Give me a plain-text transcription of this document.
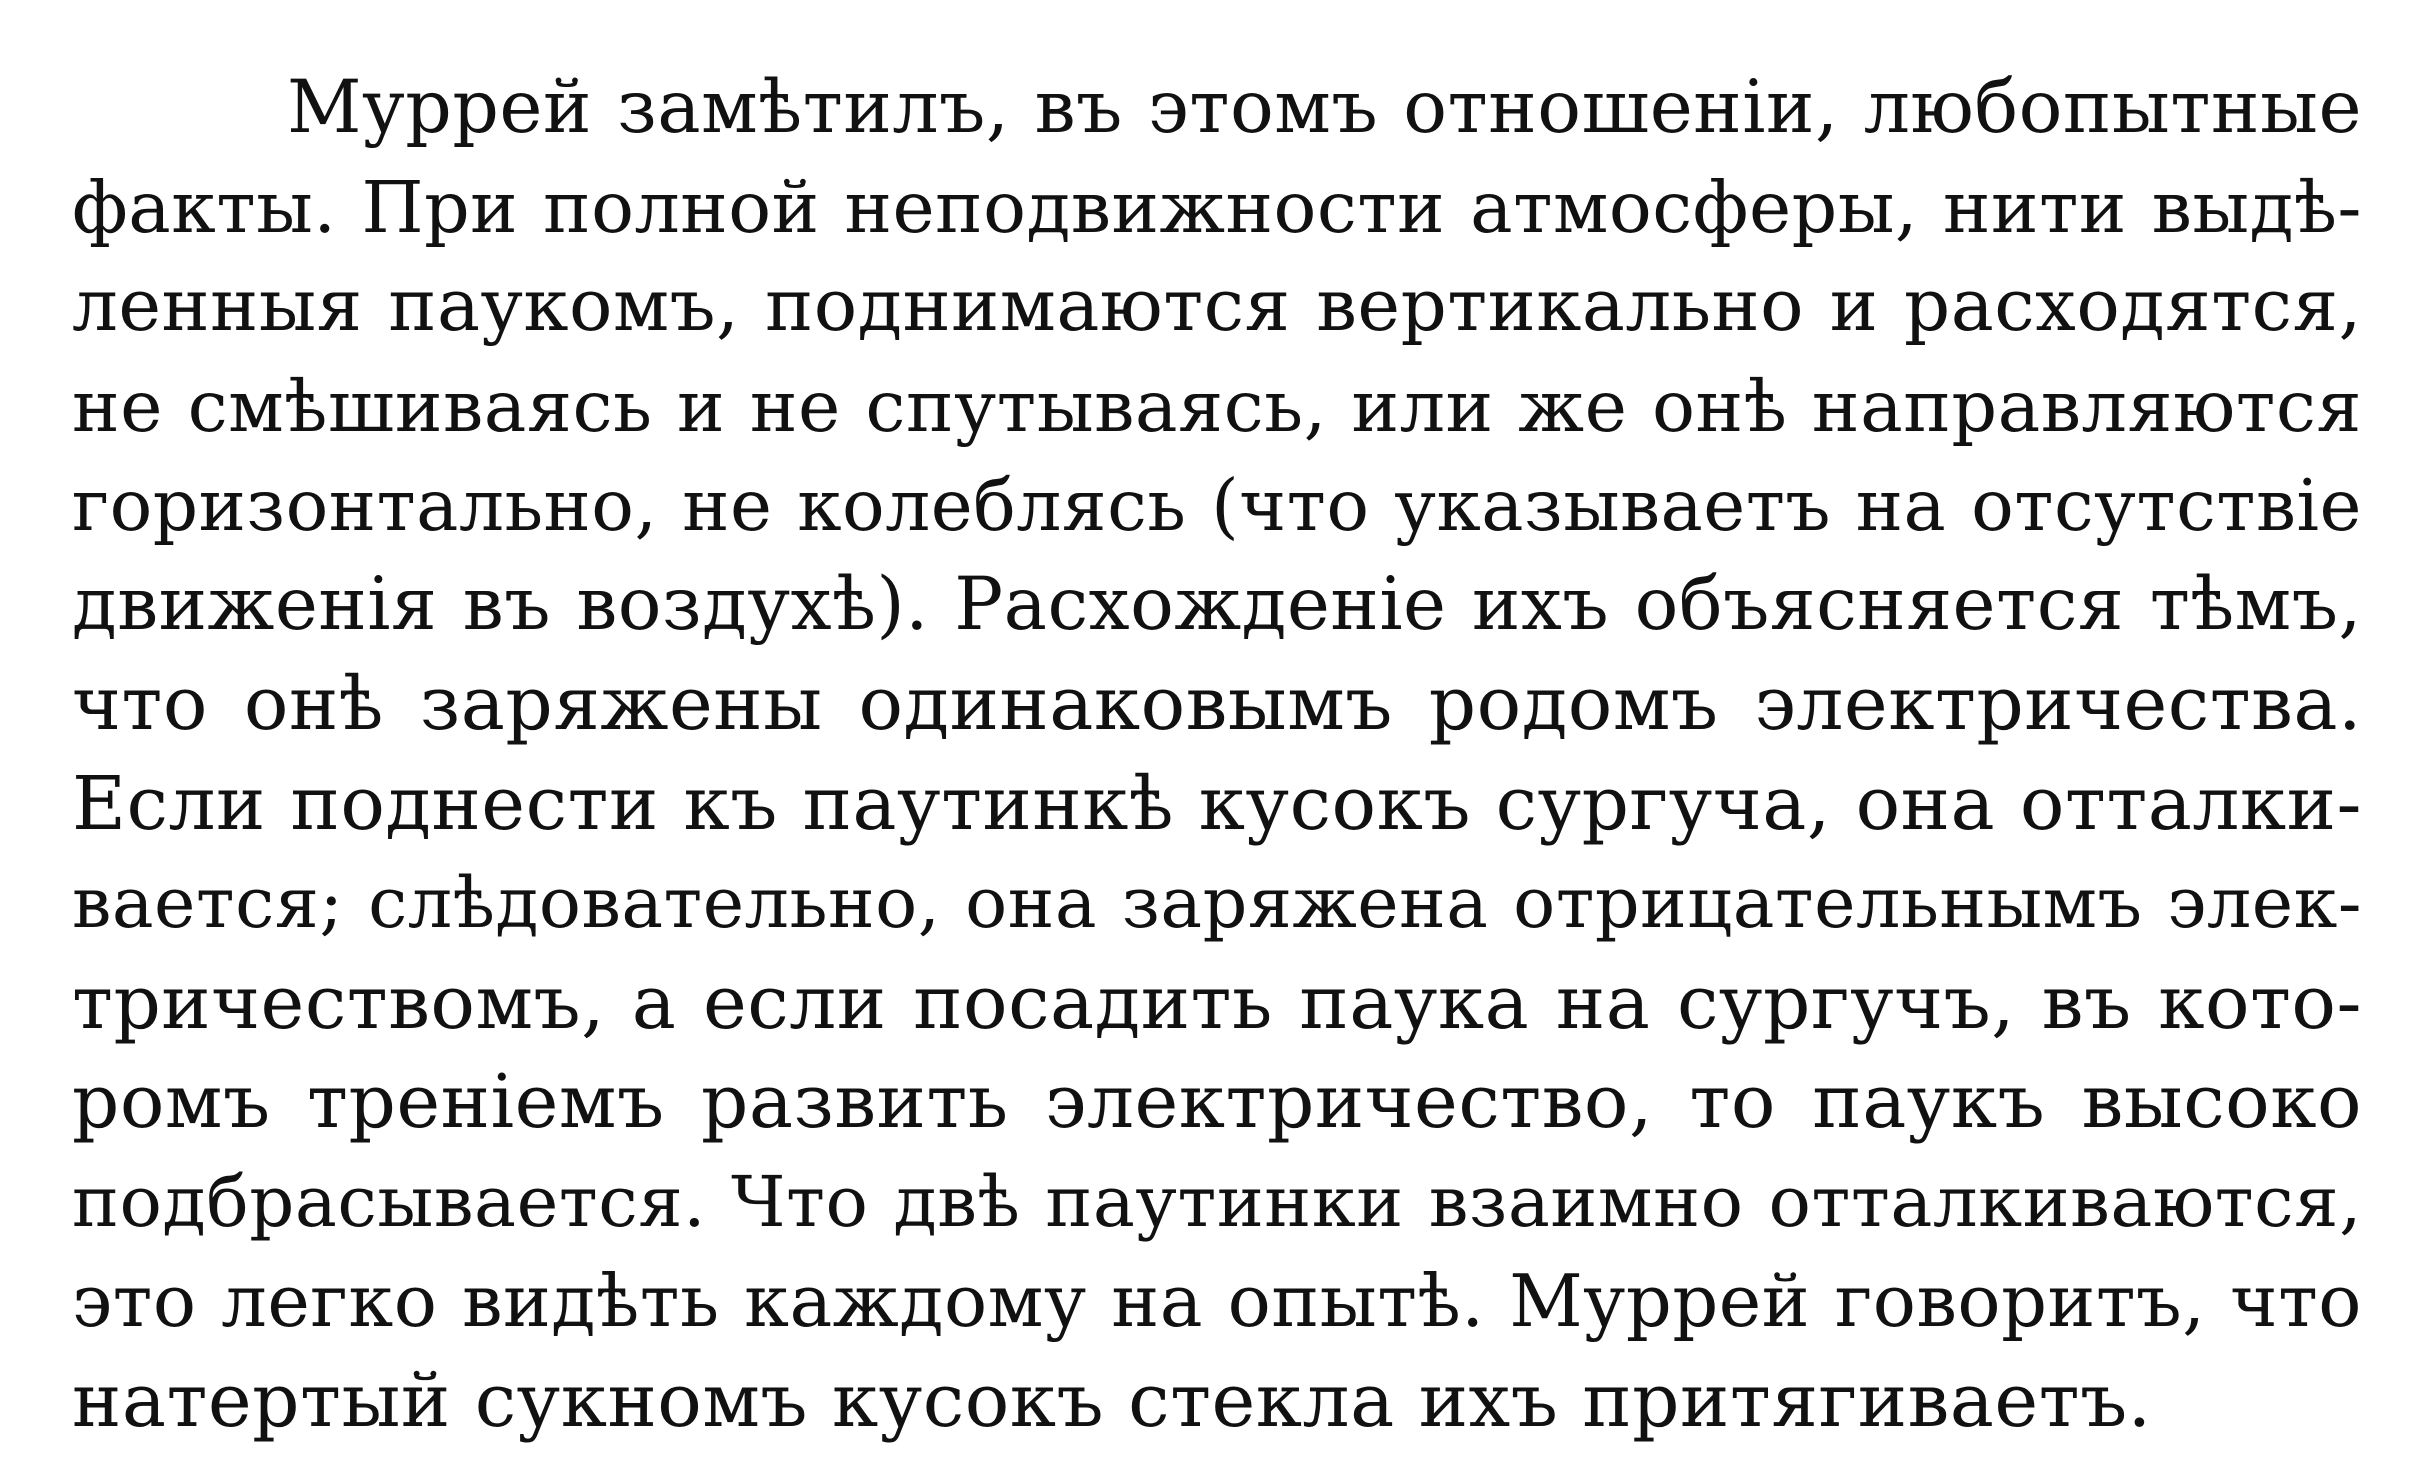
Муррей замѣтилъ, въ этомъ отношеніи, любопытные
факты. При полной неподвижности атмосферы, нити выдѣ-
ленныя паукомъ, поднимаются вертикально и расходятся,
не смѣшиваясь и не спутываясь, или же онѣ направляются
горизонтально, не колеблясь (что указываетъ на отсутствіе
движенія въ воздухѣ). Расхожденіе ихъ объясняется тѣмъ,
что онѣ заряжены одинаковымъ родомъ электричества.
Если поднести къ паутинкѣ кусокъ сургуча, она отталки-
вается; слѣдовательно, она заряжена отрицательнымъ элек-
тричествомъ, а если посадить паука на сургучъ, въ кото-
ромъ треніемъ развить электричество, то паукъ высоко
подбрасывается. Что двѣ паутинки взаимно отталкиваются,
это легко видѣть каждому на опытѣ. Муррей говоритъ, что
натертый сукномъ кусокъ стекла ихъ притягиваетъ.
